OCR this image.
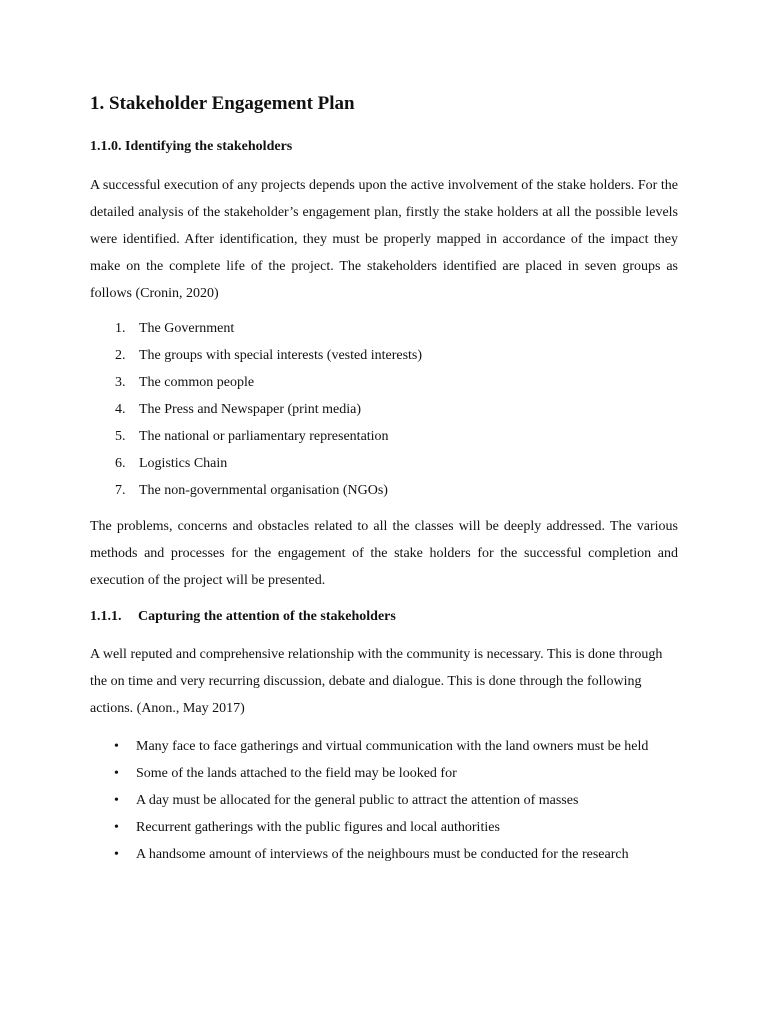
1. Stakeholder Engagement Plan
1.1.0. Identifying the stakeholders

A successful execution of any projects depends upon the active involvement of the stake holders. For the detailed analysis of the stakeholder’s engagement plan, firstly the stake holders at all the possible levels were identified. After identification, they must be properly mapped in accordance of the impact they make on the complete life of the project. The stakeholders identified are placed in seven groups as follows (Cronin, 2020)

1. The Government
2. The groups with special interests (vested interests)
3. The common people
4. The Press and Newspaper (print media)
5. The national or parliamentary representation
6. Logistics Chain
7. The non-governmental organisation (NGOs)

The problems, concerns and obstacles related to all the classes will be deeply addressed. The various methods and processes for the engagement of the stake holders for the successful completion and execution of the project will be presented.

1.1.1. Capturing the attention of the stakeholders

A well reputed and comprehensive relationship with the community is necessary. This is done through the on time and very recurring discussion, debate and dialogue. This is done through the following actions. (Anon., May 2017)

• Many face to face gatherings and virtual communication with the land owners must be held
• Some of the lands attached to the field may be looked for
• A day must be allocated for the general public to attract the attention of masses
• Recurrent gatherings with the public figures and local authorities
• A handsome amount of interviews of the neighbours must be conducted for the research
